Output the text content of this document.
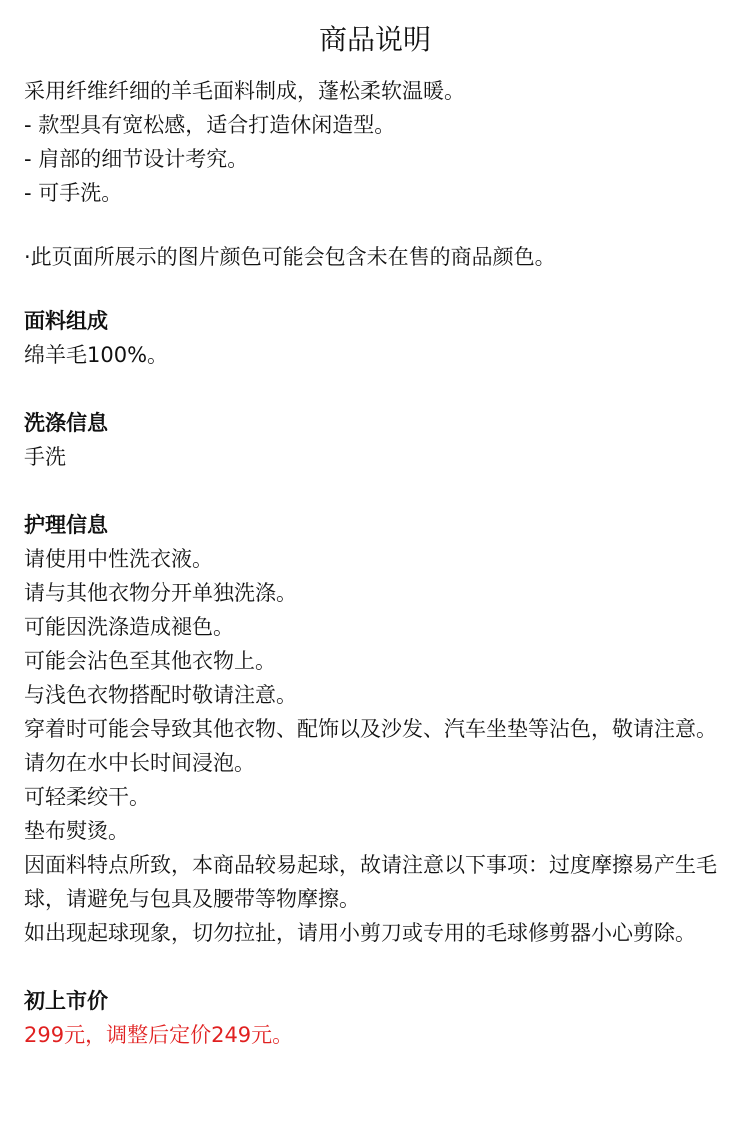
商品说明
采用纤维纤细的羊毛面料制成，蓬松柔软温暖。
- 款型具有宽松感，适合打造休闲造型。
- 肩部的细节设计考究。
- 可手洗。
·此页面所展示的图片颜色可能会包含未在售的商品颜色。
面料组成
绵羊毛100%。
洗涤信息
手洗
护理信息
请使用中性洗衣液。
请与其他衣物分开单独洗涤。
可能因洗涤造成褪色。
可能会沾色至其他衣物上。
与浅色衣物搭配时敬请注意。
穿着时可能会导致其他衣物、配饰以及沙发、汽车坐垫等沾色，敬请注意。
请勿在水中长时间浸泡。
可轻柔绞干。
垫布熨烫。
因面料特点所致，本商品较易起球，故请注意以下事项：过度摩擦易产生毛球，请避免与包具及腰带等物摩擦。
如出现起球现象，切勿拉扯，请用小剪刀或专用的毛球修剪器小心剪除。
初上市价
299元，调整后定价249元。
